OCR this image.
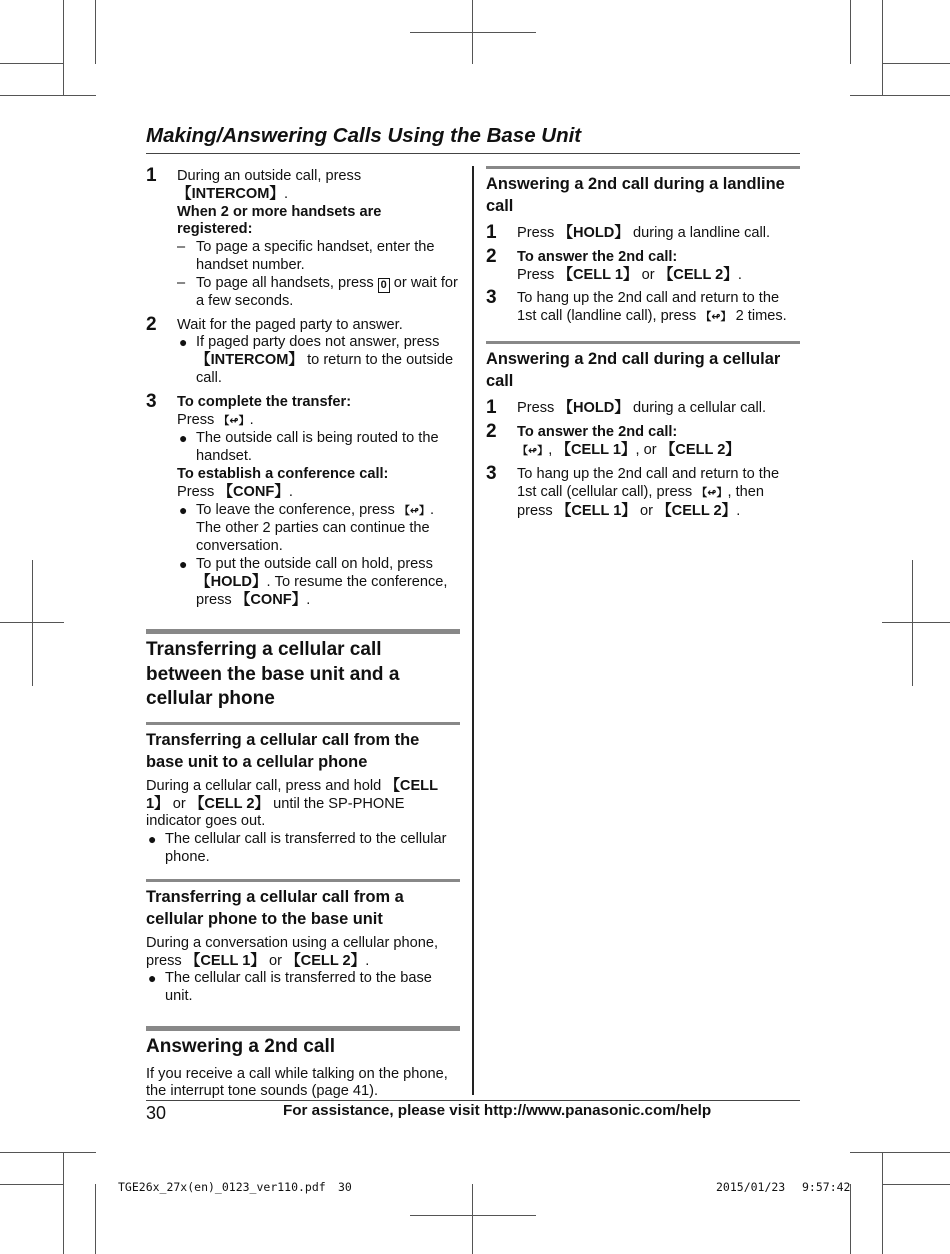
Making/Answering Calls Using the Base Unit
1 During an outside call, press
【INTERCOM】.
When 2 or more handsets are registered:
– To page a specific handset, enter the handset number.
– To page all handsets, press 0 or wait for a few seconds.
2 Wait for the paged party to answer.
● If paged party does not answer, press 【INTERCOM】 to return to the outside call.
3 To complete the transfer:
Press 【↫】.
● The outside call is being routed to the handset.
To establish a conference call:
Press 【CONF】.
● To leave the conference, press 【↫】. The other 2 parties can continue the conversation.
● To put the outside call on hold, press 【HOLD】. To resume the conference, press 【CONF】.
Transferring a cellular call between the base unit and a cellular phone
Transferring a cellular call from the base unit to a cellular phone

During a cellular call, press and hold 【CELL 1】 or 【CELL 2】 until the SP-PHONE indicator goes out.

● The cellular call is transferred to the cellular phone.
Transferring a cellular call from a cellular phone to the base unit

During a conversation using a cellular phone, press 【CELL 1】 or 【CELL 2】.

● The cellular call is transferred to the base unit.
Answering a 2nd call

If you receive a call while talking on the phone, the interrupt tone sounds (page 41).

Answering a 2nd call during a landline call
1 Press 【HOLD】 during a landline call.
2 To answer the 2nd call:
Press 【CELL 1】 or 【CELL 2】.
3 To hang up the 2nd call and return to the 1st call (landline call), press 【↫】 2 times.
Answering a 2nd call during a cellular call
1 Press 【HOLD】 during a cellular call.
2 To answer the 2nd call:
【↫】, 【CELL 1】, or 【CELL 2】
3 To hang up the 2nd call and return to the 1st call (cellular call), press 【↫】, then press 【CELL 1】 or 【CELL 2】.
30	For assistance, please visit http://www.panasonic.com/help
TGE26x_27x(en)_0123_ver110.pdf 30	2015/01/23 9:57:42
